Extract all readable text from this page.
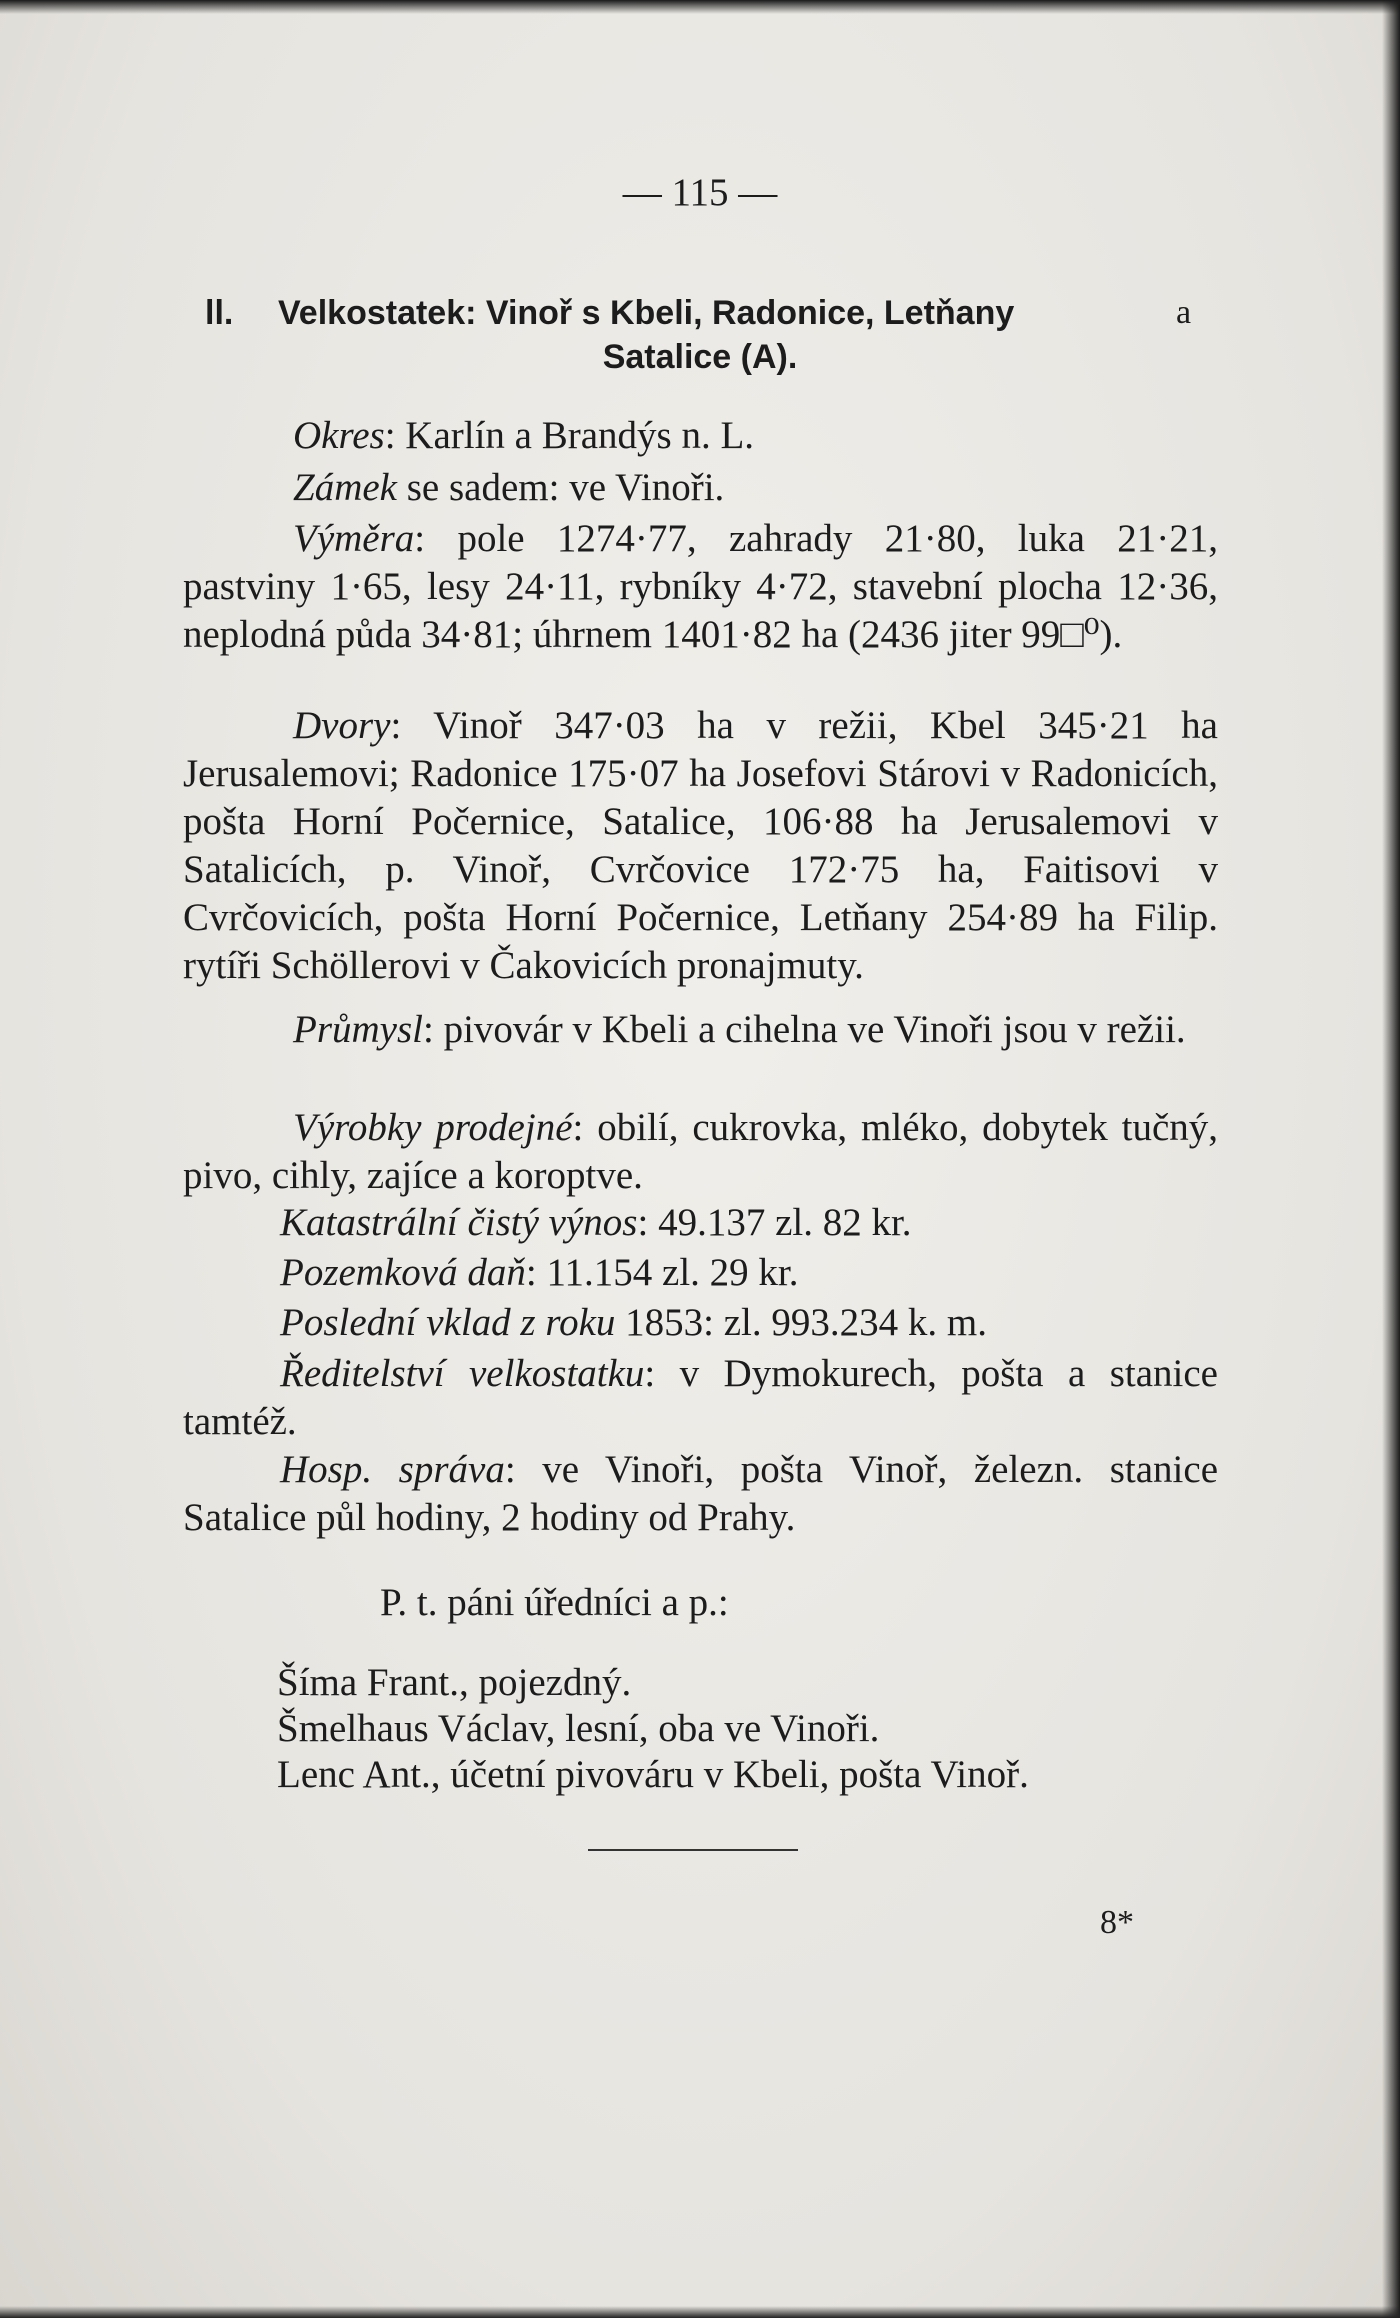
— 115 —
ll. Velkostatek: Vinoř s Kbeli, Radonice, Letňany	a
Satalice (A).
Okres: Karlín a Brandýs n. L.
Zámek se sadem: ve Vinoři.
Výměra: pole 1274·77, zahrady 21·80, luka 21·21, pastviny 1·65, lesy 24·11, rybníky 4·72, stavební plocha 12·36, neplodná půda 34·81; úhrnem 1401·82 ha (2436 jiter 99□⁰).
Dvory: Vinoř 347·03 ha v režii, Kbel 345·21 ha Jerusalemovi; Radonice 175·07 ha Josefovi Stárovi v Radonicích, pošta Horní Počernice, Satalice, 106·88 ha Jerusalemovi v Satalicích, p. Vinoř, Cvrčovice 172·75 ha, Faitisovi v Cvrčovicích, pošta Horní Počernice, Letňany 254·89 ha Filip. rytíři Schöllerovi v Čakovicích pronajmuty.
Průmysl: pivovár v Kbeli a cihelna ve Vinoři jsou v režii.
Výrobky prodejné: obilí, cukrovka, mléko, dobytek tučný, pivo, cihly, zajíce a koroptve.
Katastrální čistý výnos: 49.137 zl. 82 kr.
Pozemková daň: 11.154 zl. 29 kr.
Poslední vklad z roku 1853: zl. 993.234 k. m.
Ředitelství velkostatku: v Dymokurech, pošta a stanice tamtéž.
Hosp. správa: ve Vinoři, pošta Vinoř, železn. stanice Satalice půl hodiny, 2 hodiny od Prahy.
P. t. páni úředníci a p.:
Šíma Frant., pojezdný.
Šmelhaus Václav, lesní, oba ve Vinoři.
Lenc Ant., účetní pivováru v Kbeli, pošta Vinoř.
8*
